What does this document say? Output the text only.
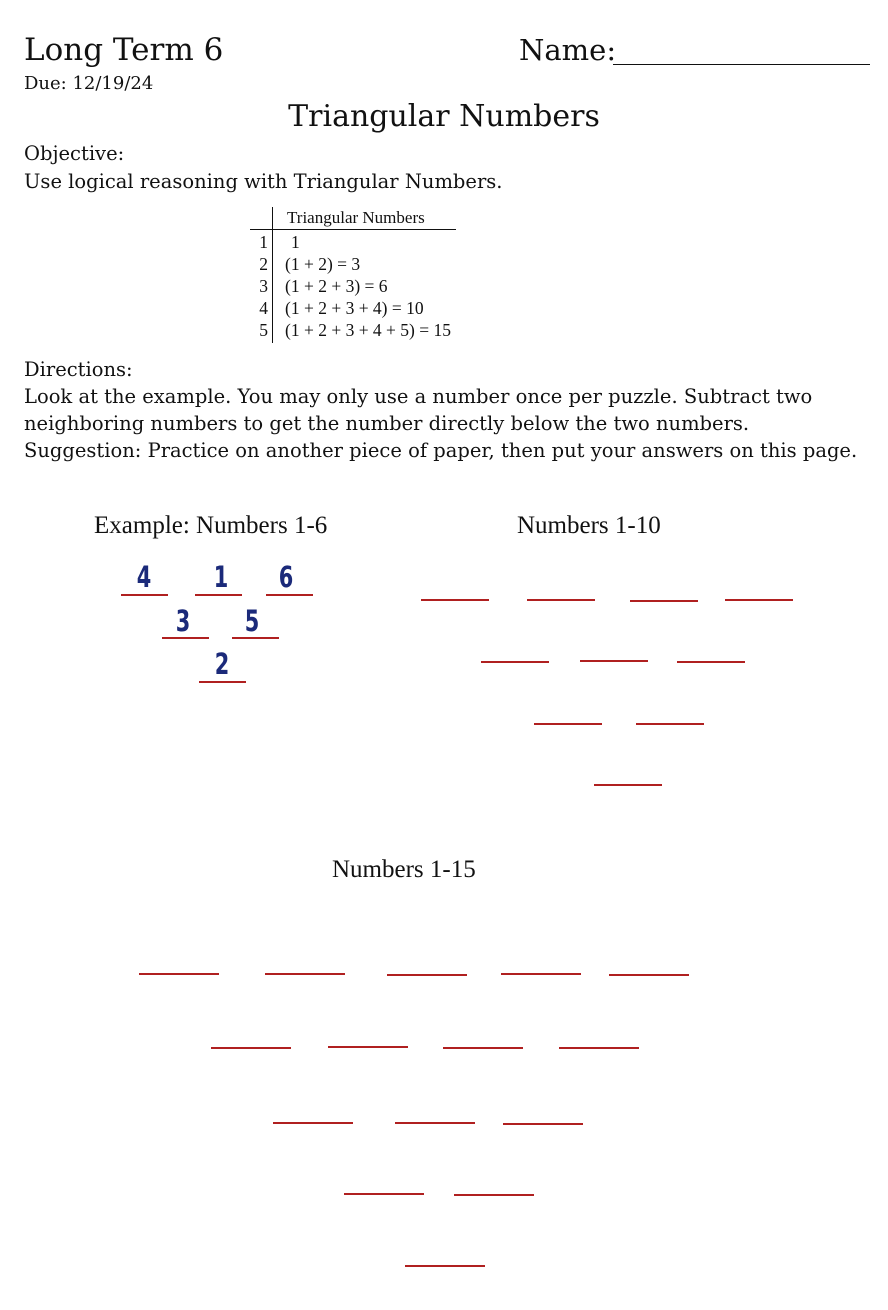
Long Term 6
Due: 12/19/24
Name:
Triangular Numbers
Objective:
Use logical reasoning with Triangular Numbers.
Triangular Numbers
1 1
2 (1 + 2) = 3
3 (1 + 2 + 3) = 6
4 (1 + 2 + 3 + 4) = 10
5 (1 + 2 + 3 + 4 + 5) = 15
Directions:
Look at the example. You may only use a number once per puzzle. Subtract two
neighboring numbers to get the number directly below the two numbers.
Suggestion: Practice on another piece of paper, then put your answers on this page.
Example: Numbers 1-6
4 1 6
3 5
2
Numbers 1-10
Numbers 1-15
